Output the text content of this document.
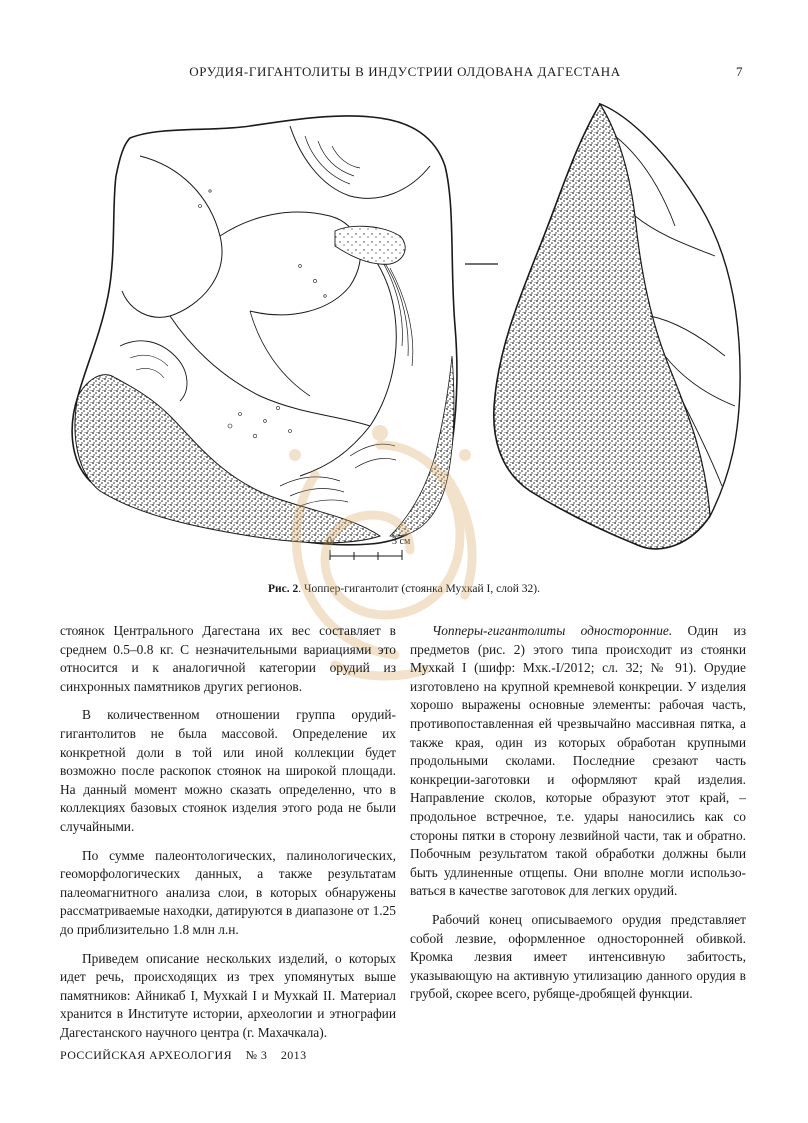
ОРУДИЯ-ГИГАНТОЛИТЫ В ИНДУСТРИИ ОЛДОВАНА ДАГЕСТАНА	7
0	3 см
Рис. 2. Чоппер-гигантолит (стоянка Мухкай I, слой 32).

стоянок Центрального Дагестана их вес составляет в среднем 0.5–0.8 кг. С незначительными вариациями это относится и к аналогичной категории орудий из синхронных памятников других регионов.

В количественном отношении группа орудий-гигантолитов не была массовой. Определение их конкретной доли в той или иной коллекции будет возможно после раскопок стоянок на широкой площади. На данный момент можно сказать определенно, что в коллекциях базовых стоянок изделия этого рода не были случайными.

По сумме палеонтологических, палинологических, геоморфологических данных, а также результатам палеомагнитного анализа слои, в которых обнаружены рассматриваемые находки, датируются в диапазоне от 1.25 до приблизительно 1.8 млн л.н.

Приведем описание нескольких изделий, о которых идет речь, происходящих из трех упомянутых выше памятников: Айникаб I, Мухкай I и Мухкай II. Материал хранится в Институте истории, археологии и этнографии Дагестанского научного центра (г. Махачкала).

Чопперы-гигантолиты односторонние. Один из предметов (рис. 2) этого типа происходит из стоянки Мухкай I (шифр: Мхк.-I/2012; сл. 32; № 91). Орудие изготовлено на крупной кремневой конкреции. У изделия хорошо выражены основные элементы: рабочая часть, противопоставленная ей чрезвычайно массивная пятка, а также края, один из которых обработан крупными продольными сколами. Последние срезают часть конкреции-заготовки и оформляют край изделия. Направление сколов, которые образуют этот край, – продольное встречное, т.е. удары наносились как со стороны пятки в сторону лезвийной части, так и обратно. Побочным результатом такой обработки должны были быть удлиненные отщепы. Они вполне могли использоваться в качестве заготовок для легких орудий.

Рабочий конец описываемого орудия представляет собой лезвие, оформленное односторонней обивкой. Кромка лезвия имеет интенсивную забитость, указывающую на активную утилизацию данного орудия в грубой, скорее всего, рубяще-дробящей функции.

РОССИЙСКАЯ АРХЕОЛОГИЯ    № 3    2013
